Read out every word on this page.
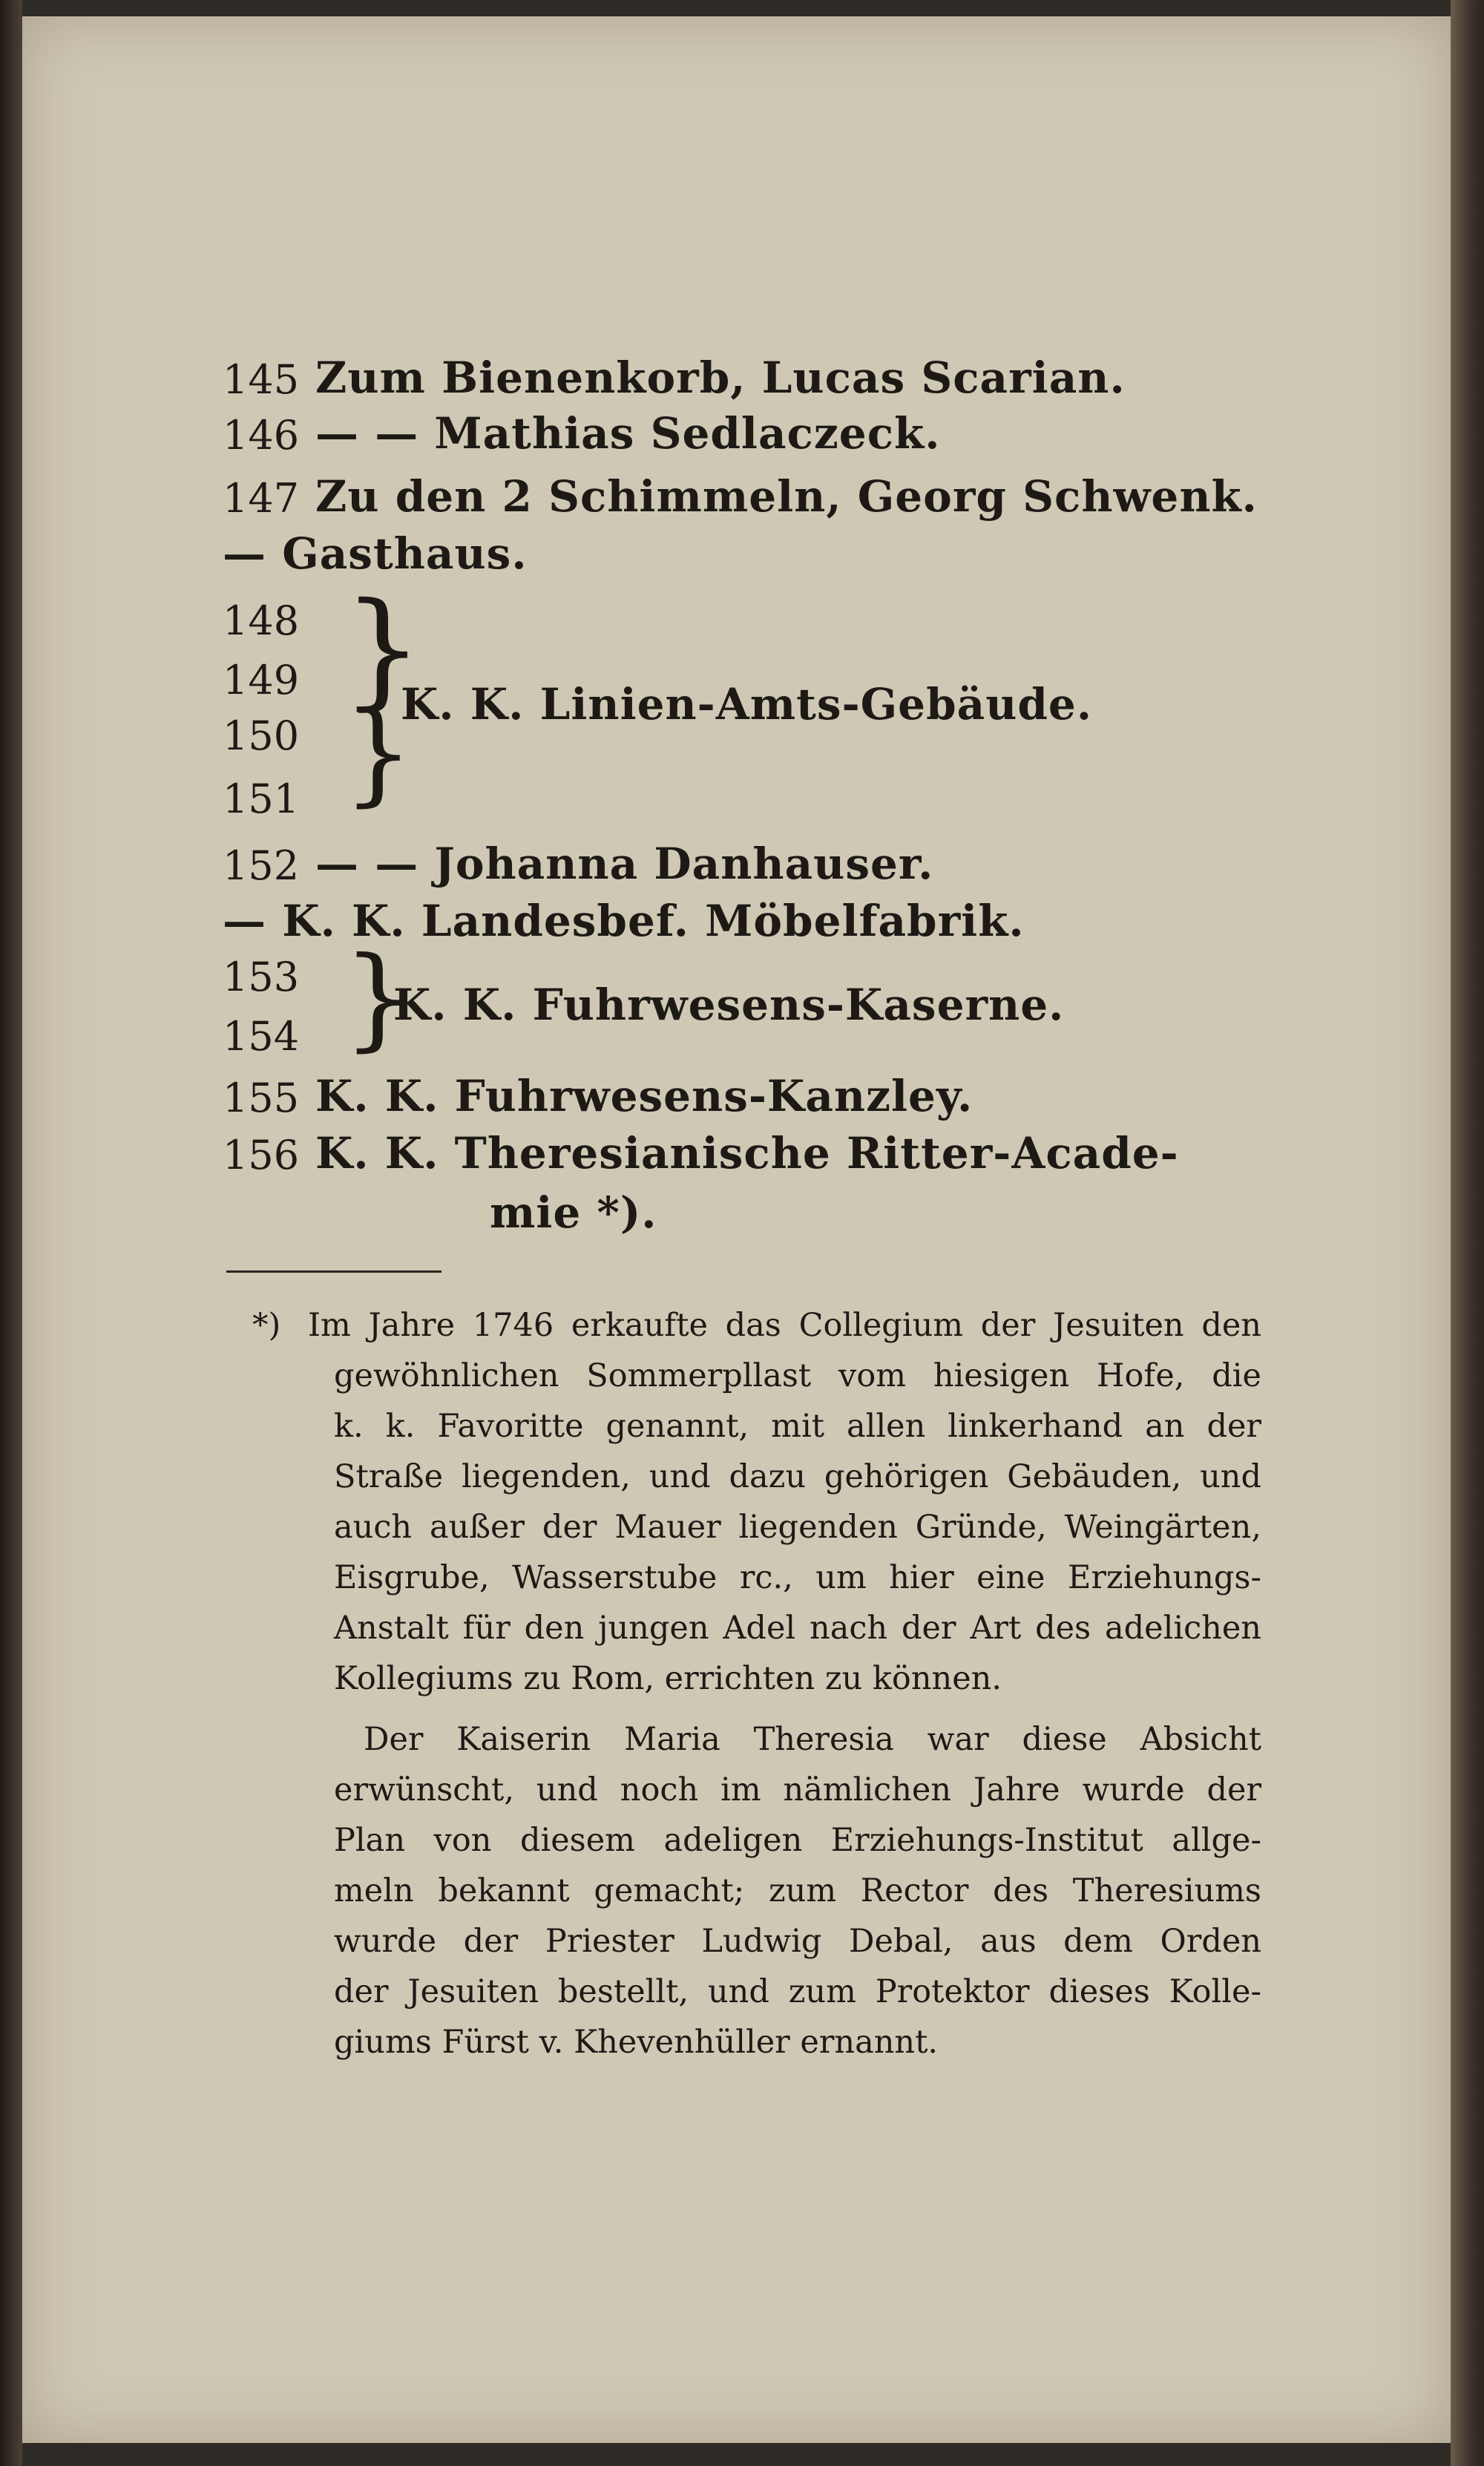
145 Zum Bienenkorb, Lucas Scarian.
146 — — Mathias Sedlaczeck.
147 Zu den 2 Schimmeln, Georg Schwenk.
— Gasthaus.
148
149
150
151
}
}
K. K. Linien-Amts-Gebäude.
152 — — Johanna Danhauser.
— K. K. Landesbef. Möbelfabrik.
153
154 }
K. K. Fuhrwesens-Kaserne.
155 K. K. Fuhrwesens-Kanzley.
156 K. K. Theresianische Ritter-Acade-
mie *).
*) Im Jahre 1746 erkaufte das Collegium der Jesuiten den
gewöhnlichen Sommerpllast vom hiesigen Hofe, die
k. k. Favoritte genannt, mit allen linkerhand an der
Straße liegenden, und dazu gehörigen Gebäuden, und
auch außer der Mauer liegenden Gründe, Weingärten,
Eisgrube, Wasserstube rc., um hier eine Erziehungs-
Anstalt für den jungen Adel nach der Art des adelichen
Kollegiums zu Rom, errichten zu können.
Der Kaiserin Maria Theresia war diese Absicht
erwünscht, und noch im nämlichen Jahre wurde der
Plan von diesem adeligen Erziehungs-Institut allge-
meln bekannt gemacht; zum Rector des Theresiums
wurde der Priester Ludwig Debal, aus dem Orden
der Jesuiten bestellt, und zum Protektor dieses Kolle-
giums Fürst v. Khevenhüller ernannt.
